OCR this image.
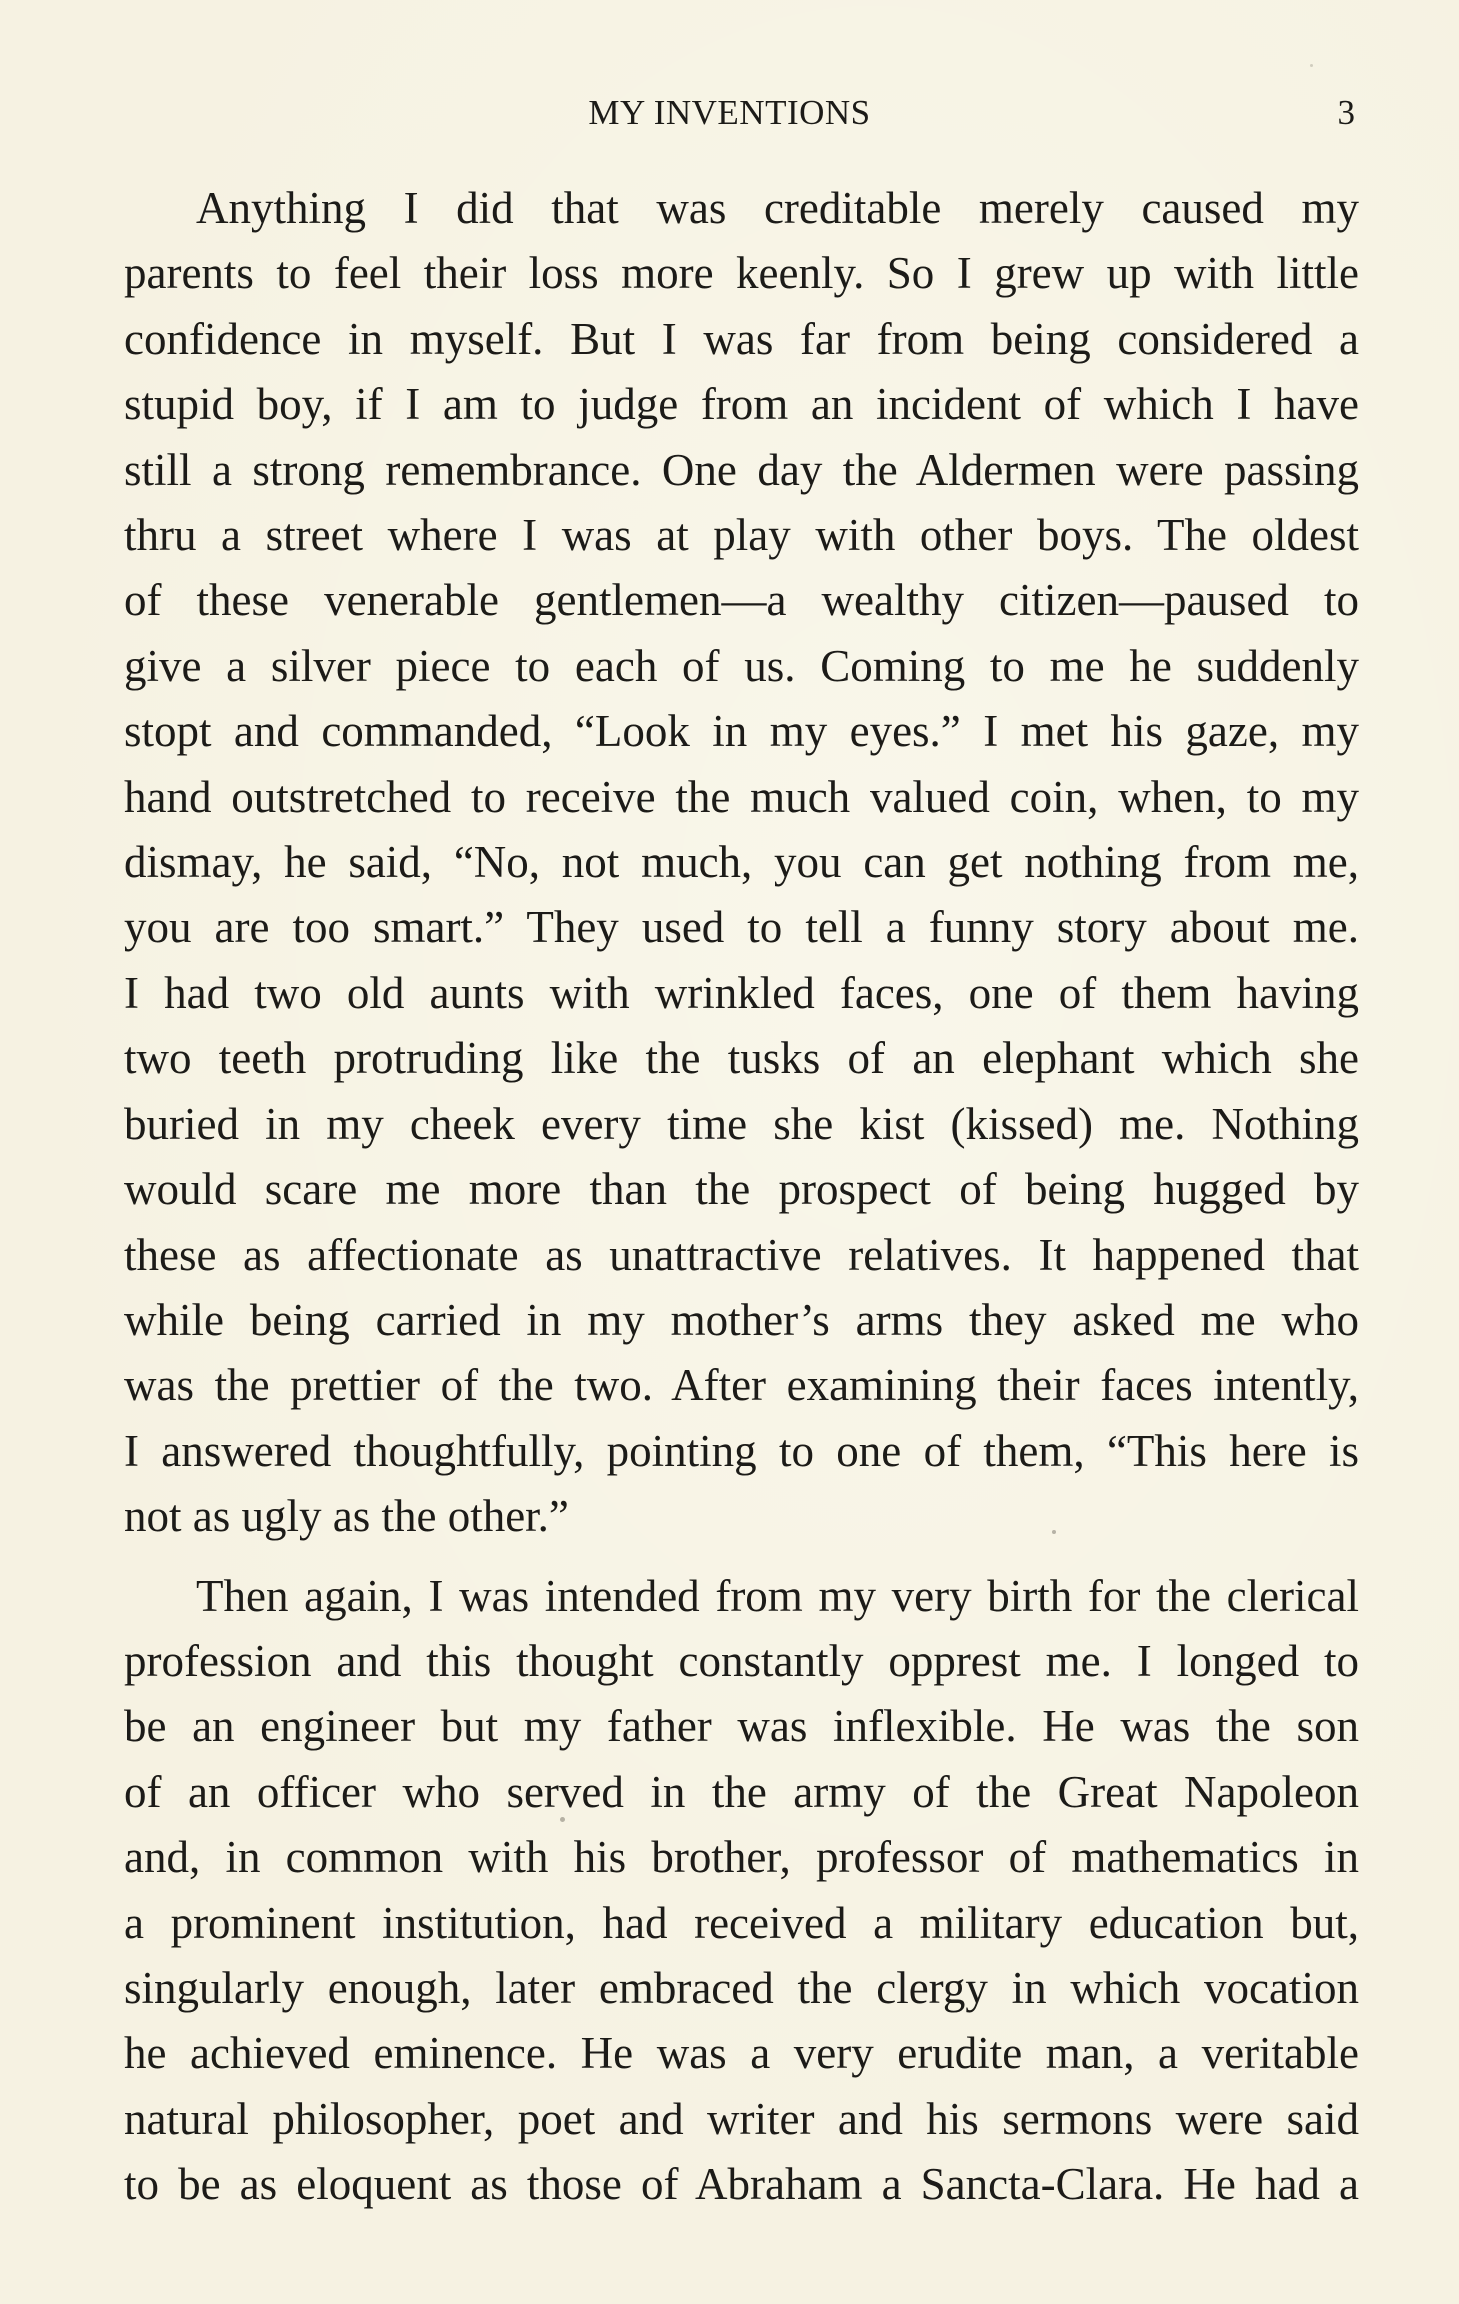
MY INVENTIONS	3

Anything I did that was creditable merely caused my
parents to feel their loss more keenly. So I grew up with little
confidence in myself. But I was far from being considered a
stupid boy, if I am to judge from an incident of which I have
still a strong remembrance. One day the Aldermen were passing
thru a street where I was at play with other boys. The oldest
of these venerable gentlemen—a wealthy citizen—paused to
give a silver piece to each of us. Coming to me he suddenly
stopt and commanded, “Look in my eyes.” I met his gaze, my
hand outstretched to receive the much valued coin, when, to my
dismay, he said, “No, not much, you can get nothing from me,
you are too smart.” They used to tell a funny story about me.
I had two old aunts with wrinkled faces, one of them having
two teeth protruding like the tusks of an elephant which she
buried in my cheek every time she kist (kissed) me. Nothing
would scare me more than the prospect of being hugged by
these as affectionate as unattractive relatives. It happened that
while being carried in my mother’s arms they asked me who
was the prettier of the two. After examining their faces intently,
I answered thoughtfully, pointing to one of them, “This here is
not as ugly as the other.”

Then again, I was intended from my very birth for the clerical
profession and this thought constantly opprest me. I longed to
be an engineer but my father was inflexible. He was the son
of an officer who served in the army of the Great Napoleon
and, in common with his brother, professor of mathematics in
a prominent institution, had received a military education but,
singularly enough, later embraced the clergy in which vocation
he achieved eminence. He was a very erudite man, a veritable
natural philosopher, poet and writer and his sermons were said
to be as eloquent as those of Abraham a Sancta-Clara. He had a
